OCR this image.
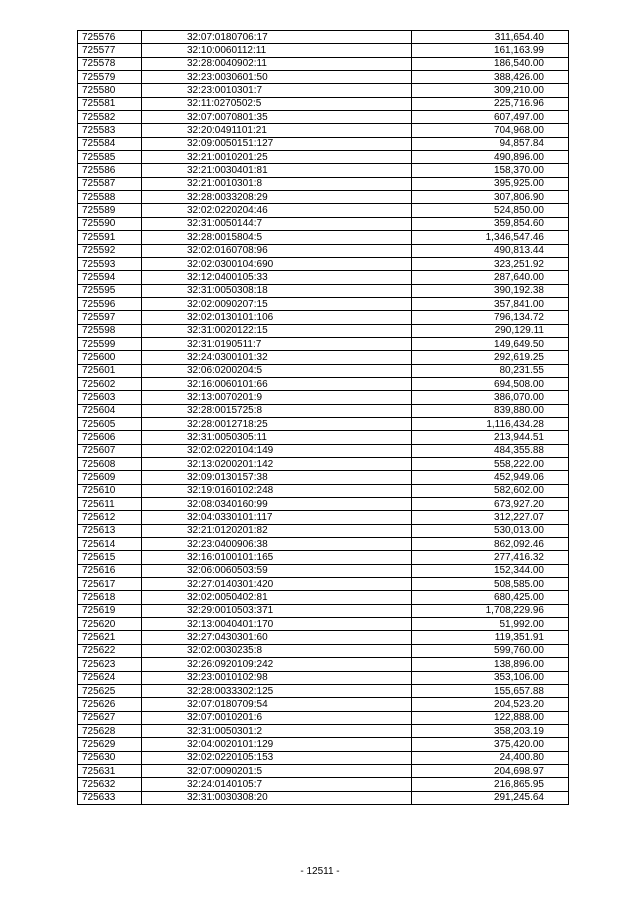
725576	32:07:0180706:17	311,654.40
725577	32:10:0060112:11	161,163.99
725578	32:28:0040902:11	186,540.00
725579	32:23:0030601:50	388,426.00
725580	32:23:0010301:7	309,210.00
725581	32:11:0270502:5	225,716.96
725582	32:07:0070801:35	607,497.00
725583	32:20:0491101:21	704,968.00
725584	32:09:0050151:127	94,857.84
725585	32:21:0010201:25	490,896.00
725586	32:21:0030401:81	158,370.00
725587	32:21:0010301:8	395,925.00
725588	32:28:0033208:29	307,806.90
725589	32:02:0220204:46	524,850.00
725590	32:31:0050144:7	359,854.60
725591	32:28:0015804:5	1,346,547.46
725592	32:02:0160708:96	490,813.44
725593	32:02:0300104:690	323,251.92
725594	32:12:0400105:33	287,640.00
725595	32:31:0050308:18	390,192.38
725596	32:02:0090207:15	357,841.00
725597	32:02:0130101:106	796,134.72
725598	32:31:0020122:15	290,129.11
725599	32:31:0190511:7	149,649.50
725600	32:24:0300101:32	292,619.25
725601	32:06:0200204:5	80,231.55
725602	32:16:0060101:66	694,508.00
725603	32:13:0070201:9	386,070.00
725604	32:28:0015725:8	839,880.00
725605	32:28:0012718:25	1,116,434.28
725606	32:31:0050305:11	213,944.51
725607	32:02:0220104:149	484,355.88
725608	32:13:0200201:142	558,222.00
725609	32:09:0130157:38	452,949.06
725610	32:19:0160102:248	582,602.00
725611	32:08:0340160:99	673,927.20
725612	32:04:0330101:117	312,227.07
725613	32:21:0120201:82	530,013.00
725614	32:23:0400906:38	862,092.46
725615	32:16:0100101:165	277,416.32
725616	32:06:0060503:59	152,344.00
725617	32:27:0140301:420	508,585.00
725618	32:02:0050402:81	680,425.00
725619	32:29:0010503:371	1,708,229.96
725620	32:13:0040401:170	51,992.00
725621	32:27:0430301:60	119,351.91
725622	32:02:0030235:8	599,760.00
725623	32:26:0920109:242	138,896.00
725624	32:23:0010102:98	353,106.00
725625	32:28:0033302:125	155,657.88
725626	32:07:0180709:54	204,523.20
725627	32:07:0010201:6	122,888.00
725628	32:31:0050301:2	358,203.19
725629	32:04:0020101:129	375,420.00
725630	32:02:0220105:153	24,400.80
725631	32:07:0090201:5	204,698.97
725632	32:24:0140105:7	216,865.95
725633	32:31:0030308:20	291,245.64
- 12511 -
